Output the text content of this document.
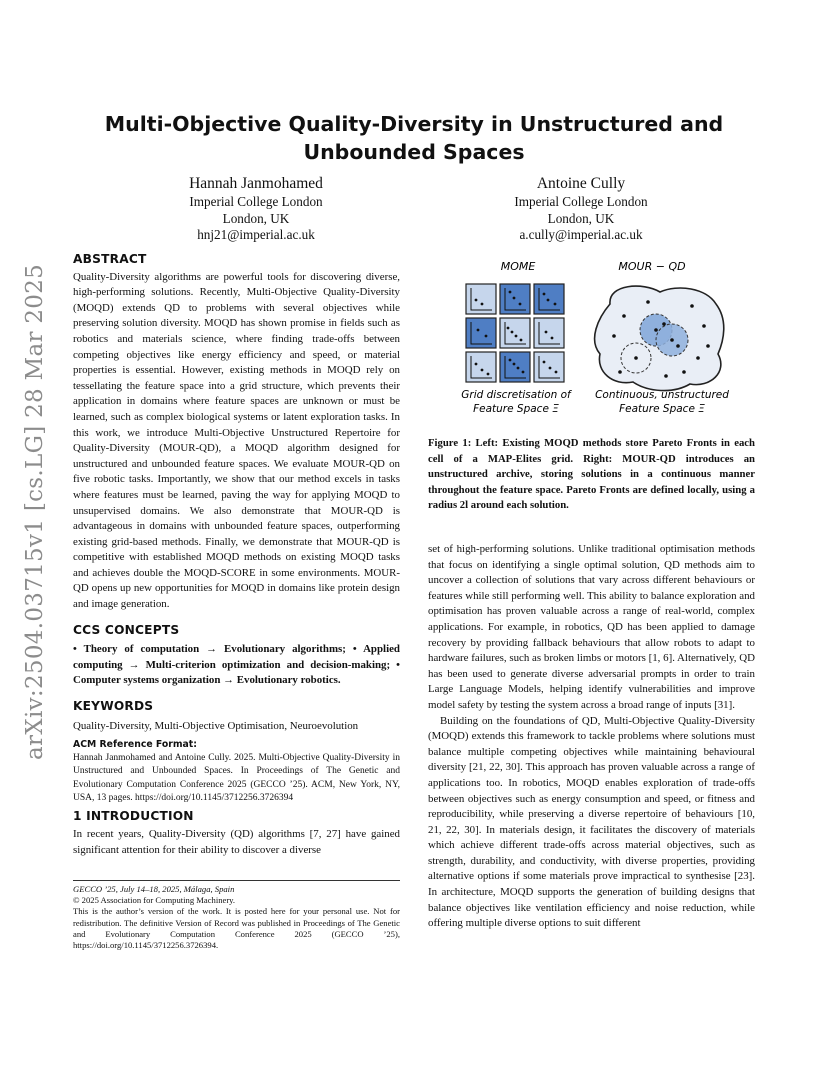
arXiv:2504.03715v1 [cs.LG] 28 Mar 2025
Multi-Objective Quality-Diversity in Unstructured and Unbounded Spaces
Hannah Janmohamed
Imperial College London
London, UK
hnj21@imperial.ac.uk
Antoine Cully
Imperial College London
London, UK
a.cully@imperial.ac.uk
ABSTRACT

Quality-Diversity algorithms are powerful tools for discovering diverse, high-performing solutions. Recently, Multi-Objective Quality-Diversity (MOQD) extends QD to problems with several objectives while preserving solution diversity. MOQD has shown promise in fields such as robotics and materials science, where finding trade-offs between competing objectives like energy efficiency and speed, or material properties is essential. However, existing methods in MOQD rely on tessellating the feature space into a grid structure, which prevents their application in domains where feature spaces are unknown or must be learned, such as complex biological systems or latent exploration tasks. In this work, we introduce Multi-Objective Unstructured Repertoire for Quality-Diversity (MOUR-QD), a MOQD algorithm designed for unstructured and unbounded feature spaces. We evaluate MOUR-QD on five robotic tasks. Importantly, we show that our method excels in tasks where features must be learned, paving the way for applying MOQD to unsupervised domains. We also demonstrate that MOUR-QD is advantageous in domains with unbounded feature spaces, outperforming existing grid-based methods. Finally, we demonstrate that MOUR-QD is competitive with established MOQD methods on existing MOQD tasks and achieves double the MOQD-SCORE in some environments. MOUR-QD opens up new opportunities for MOQD in domains like protein design and image generation.

CCS CONCEPTS

• Theory of computation → Evolutionary algorithms; • Applied computing → Multi-criterion optimization and decision-making; • Computer systems organization → Evolutionary robotics.

KEYWORDS

Quality-Diversity, Multi-Objective Optimisation, Neuroevolution

ACM Reference Format:
Hannah Janmohamed and Antoine Cully. 2025. Multi-Objective Quality-Diversity in Unstructured and Unbounded Spaces. In Proceedings of The Genetic and Evolutionary Computation Conference 2025 (GECCO ’25). ACM, New York, NY, USA, 13 pages. https://doi.org/10.1145/3712256.3726394
1 INTRODUCTION

In recent years, Quality-Diversity (QD) algorithms [7, 27] have gained significant attention for their ability to discover a diverse

GECCO ’25, July 14–18, 2025, Málaga, Spain
© 2025 Association for Computing Machinery.
This is the author’s version of the work. It is posted here for your personal use. Not for redistribution. The definitive Version of Record was published in Proceedings of The Genetic and Evolutionary Computation Conference 2025 (GECCO ’25), https://doi.org/10.1145/3712256.3726394.
MOME	MOUR − QD
Grid discretisation of
Feature Space Ξ
Continuous, unstructured
Feature Space Ξ
Figure 1: Left: Existing MOQD methods store Pareto Fronts in each cell of a MAP-Elites grid. Right: MOUR-QD introduces an unstructured archive, storing solutions in a continuous manner throughout the feature space. Pareto Fronts are defined locally, using a radius 2l around each solution.

set of high-performing solutions. Unlike traditional optimisation methods that focus on identifying a single optimal solution, QD methods aim to uncover a collection of solutions that vary across different behaviours or features while still performing well. This ability to balance exploration and optimisation has proven valuable across a range of real-world, complex applications. For example, in robotics, QD has been applied to damage recovery by providing fallback behaviours that allow robots to adapt to hardware failures, such as broken limbs or motors [1, 6]. Alternatively, QD has been used to generate diverse adversarial prompts in order to train Large Language Models, helping identify vulnerabilities and improve model safety by testing the system across a broad range of inputs [31].

Building on the foundations of QD, Multi-Objective Quality-Diversity (MOQD) extends this framework to tackle problems where solutions must balance multiple competing objectives while maintaining behavioural diversity [21, 22, 30]. This approach has proven valuable across a range of applications too. In robotics, MOQD enables exploration of trade-offs between objectives such as energy consumption and speed, or fitness and reproducibility, while preserving a diverse repertoire of behaviours [10, 21, 22, 30]. In materials design, it facilitates the discovery of materials which achieve different trade-offs across material objectives, such as strength, durability, and conductivity, with diverse properties, providing alternative options if some materials prove impractical to synthesise [23]. In architecture, MOQD supports the generation of building designs that balance objectives like ventilation efficiency and noise reduction, while offering multiple diverse options to suit different
